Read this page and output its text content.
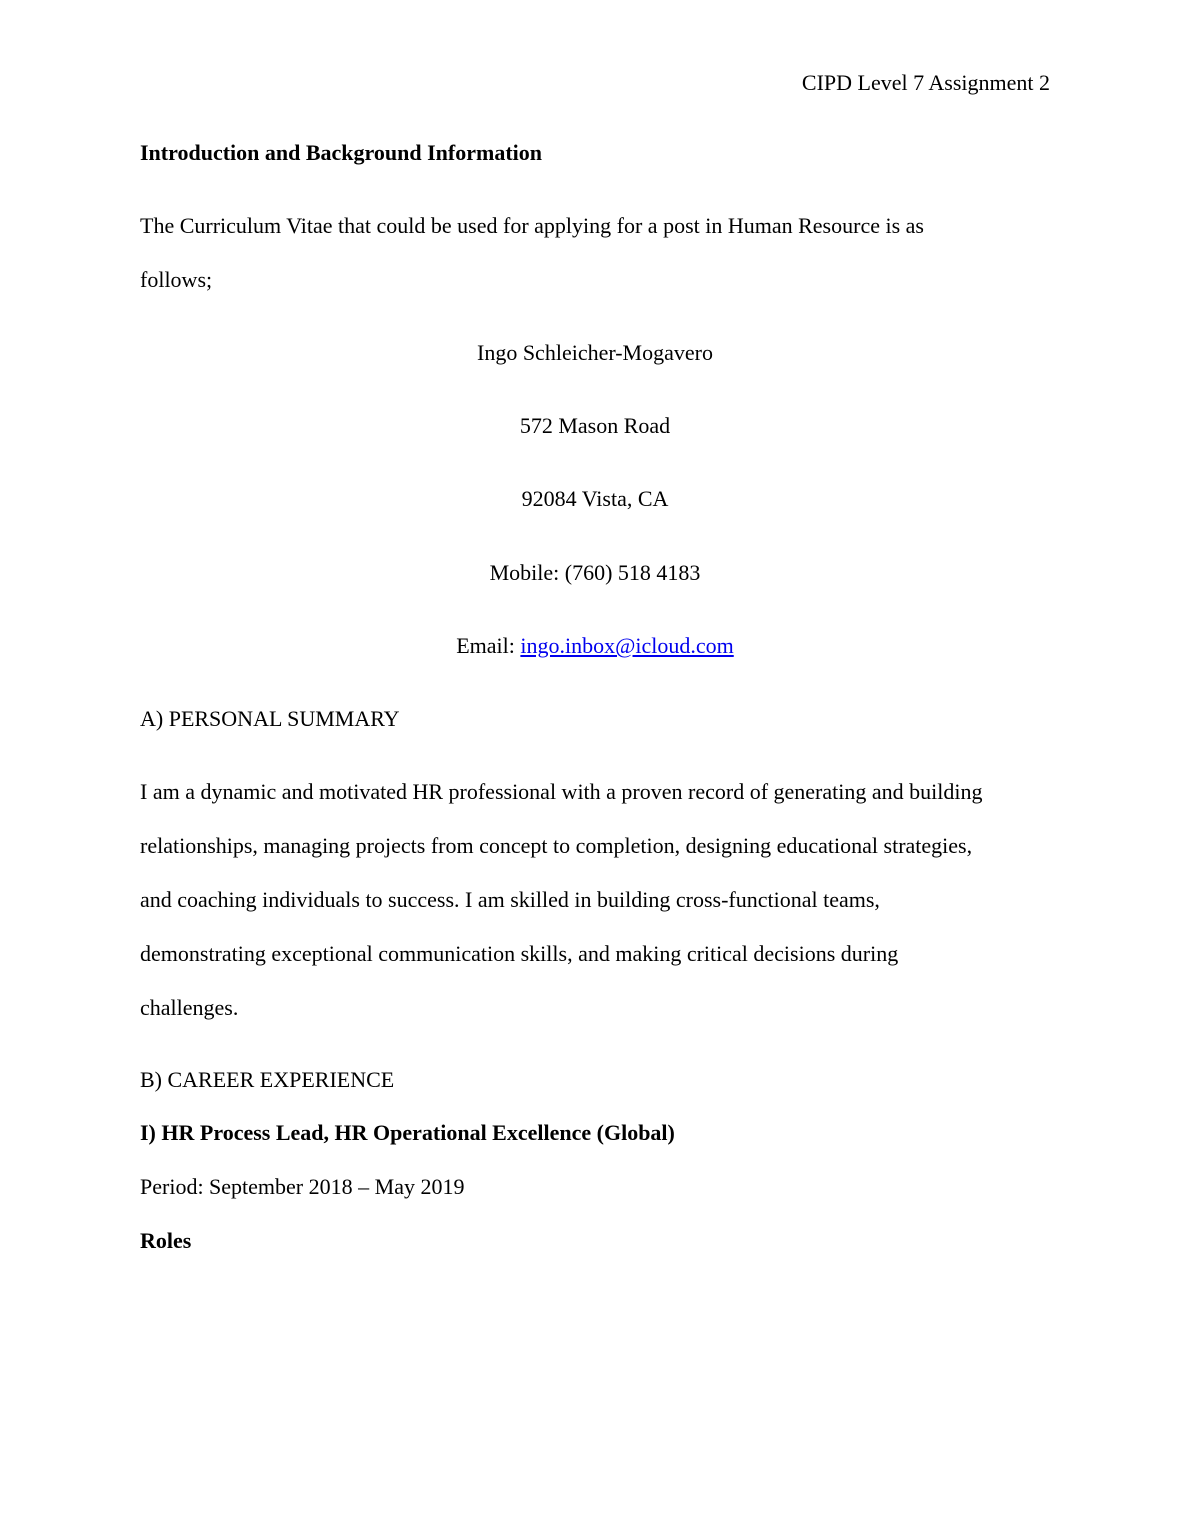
CIPD Level 7 Assignment 2
Introduction and Background Information
The Curriculum Vitae that could be used for applying for a post in Human Resource is as
follows;
Ingo Schleicher-Mogavero
572 Mason Road
92084 Vista, CA
Mobile: (760) 518 4183
Email: ingo.inbox@icloud.com
A) PERSONAL SUMMARY
I am a dynamic and motivated HR professional with a proven record of generating and building
relationships, managing projects from concept to completion, designing educational strategies,
and coaching individuals to success. I am skilled in building cross-functional teams,
demonstrating exceptional communication skills, and making critical decisions during
challenges.
B) CAREER EXPERIENCE
I) HR Process Lead, HR Operational Excellence (Global)
Period: September 2018 – May 2019
Roles
